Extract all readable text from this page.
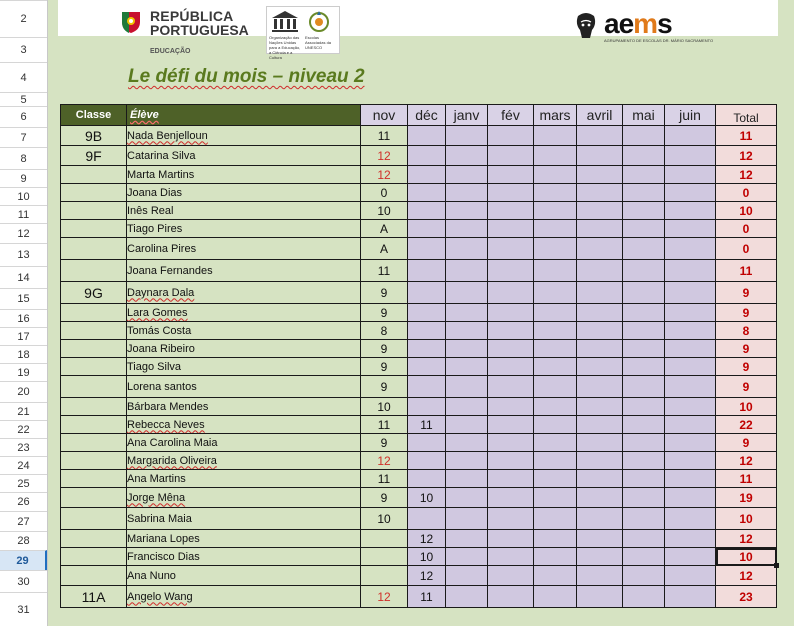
2
3
4
5
6
7
8
9
10
11
12
13
14
15
16
17
18
19
20
21
22
23
24
25
26
27
28
29
30
31
REPÚBLICA
PORTUGUESA
EDUCAÇÃO
Organização das Nações Unidas para a Educação, a Ciência e a Cultura
Escolas Associadas da UNESCO
aems
AGRUPAMENTO DE ESCOLAS DR. MÁRIO SACRAMENTO
Le défi du mois – niveau 2
Classe	Élève	nov	déc	janv	fév	mars	avril	mai	juin	Total
9B	Nada Benjelloun	11								11
9F	Catarina Silva	12								12
	Marta Martins	12								12
	Joana Dias	0								0
	Inês Real	10								10
	Tiago Pires	A								0
	Carolina Pires	A								0
	Joana Fernandes	11								11
9G	Daynara Dala	9								9
	Lara Gomes	9								9
	Tomás Costa	8								8
	Joana Ribeiro	9								9
	Tiago Silva	9								9
	Lorena santos	9								9
	Bárbara Mendes	10								10
	Rebecca Neves	11	11							22
	Ana Carolina Maia	9								9
	Margarida Oliveira	12								12
	Ana Martins	11								11
	Jorge Mêna	9	10							19
	Sabrina Maia	10								10
	Mariana Lopes		12							12
	Francisco Dias		10							10
	Ana Nuno		12							12
11A	Angelo Wang	12	11							23
